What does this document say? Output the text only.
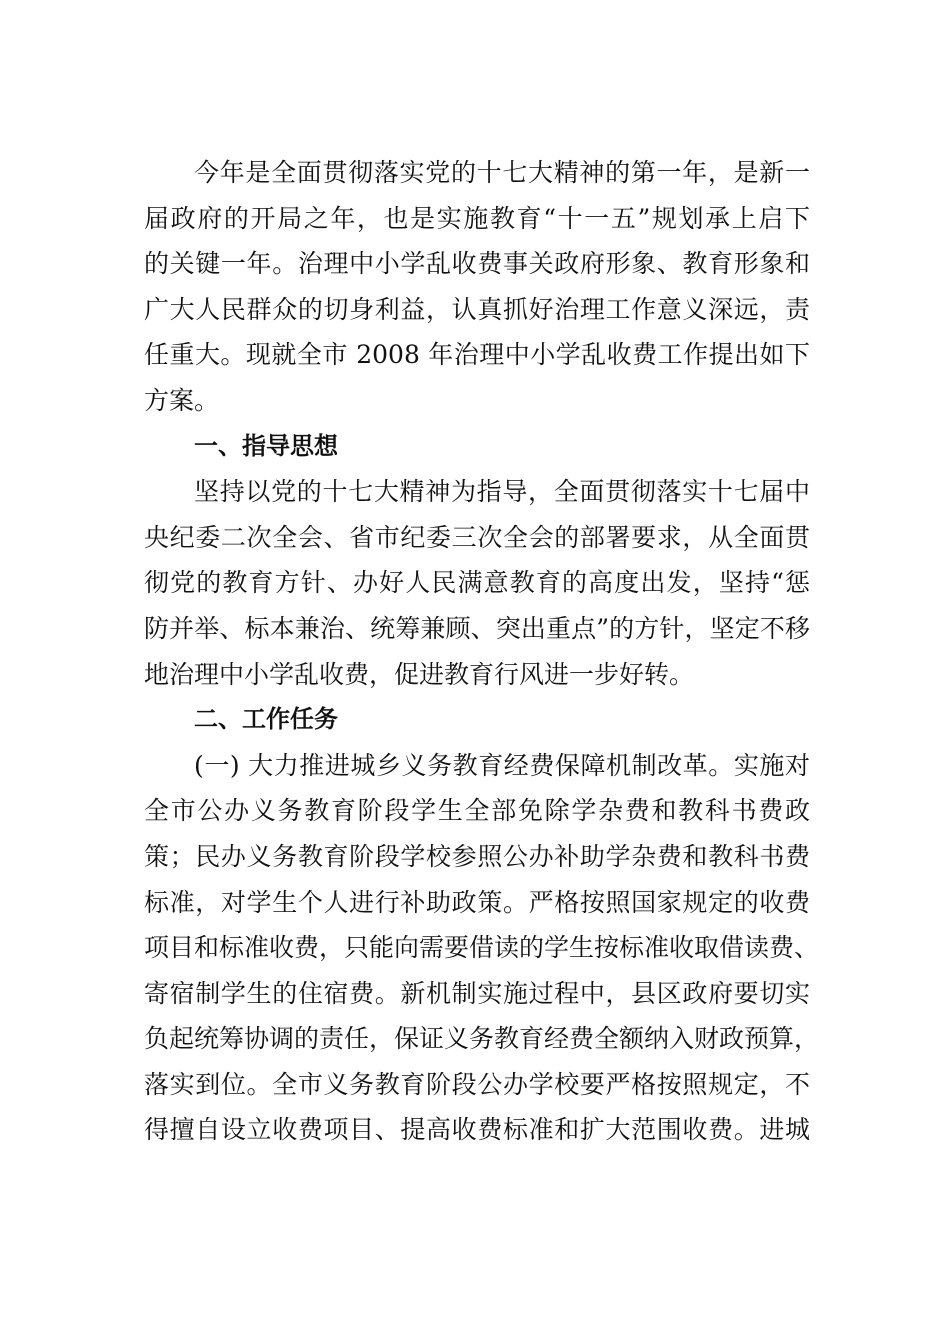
今年是全面贯彻落实党的十七大精神的第一年，是新一
届政府的开局之年，也是实施教育“十一五”规划承上启下
的关键一年。治理中小学乱收费事关政府形象、教育形象和
广大人民群众的切身利益，认真抓好治理工作意义深远，责
任重大。现就全市 2008 年治理中小学乱收费工作提出如下
方案。
一、指导思想
坚持以党的十七大精神为指导，全面贯彻落实十七届中
央纪委二次全会、省市纪委三次全会的部署要求，从全面贯
彻党的教育方针、办好人民满意教育的高度出发，坚持“惩
防并举、标本兼治、统筹兼顾、突出重点”的方针，坚定不移
地治理中小学乱收费，促进教育行风进一步好转。
二、工作任务
(一) 大力推进城乡义务教育经费保障机制改革。实施对
全市公办义务教育阶段学生全部免除学杂费和教科书费政
策；民办义务教育阶段学校参照公办补助学杂费和教科书费
标准，对学生个人进行补助政策。严格按照国家规定的收费
项目和标准收费，只能向需要借读的学生按标准收取借读费、
寄宿制学生的住宿费。新机制实施过程中，县区政府要切实
负起统筹协调的责任，保证义务教育经费全额纳入财政预算，
落实到位。全市义务教育阶段公办学校要严格按照规定，不
得擅自设立收费项目、提高收费标准和扩大范围收费。进城
